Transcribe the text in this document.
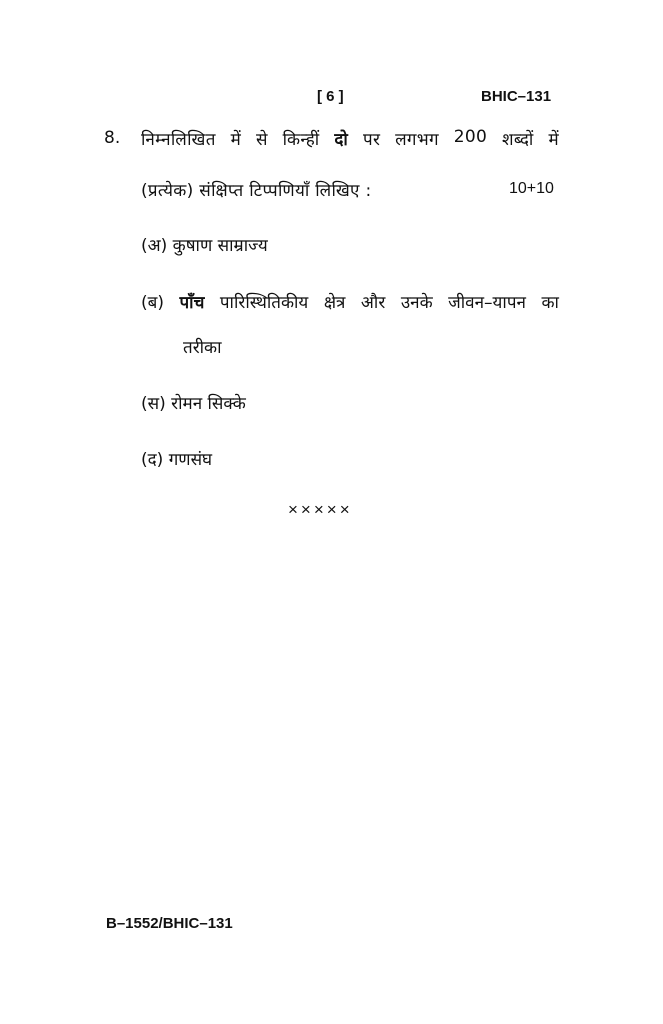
[ 6 ]	BHIC–131
8. निम्नलिखित में से किन्हीं दो पर लगभग 200 शब्दों में
(प्रत्येक) संक्षिप्त टिप्पणियाँ लिखिए :	10+10
(अ) कुषाण साम्राज्य
(ब) पाँच पारिस्थितिकीय क्षेत्र और उनके जीवन–यापन का
तरीका
(स) रोमन सिक्के
(द) गणसंघ
×××××
B–1552/BHIC–131
